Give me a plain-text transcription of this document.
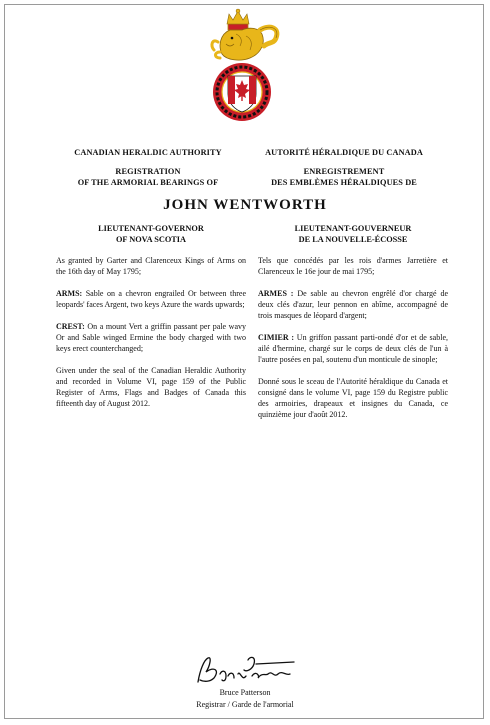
CANADIAN HERALDIC AUTHORITY
REGISTRATION
OF THE ARMORIAL BEARINGS OF
AUTORITÉ HÉRALDIQUE DU CANADA
ENREGISTREMENT
DES EMBLÈMES HÉRALDIQUES DE
JOHN WENTWORTH
LIEUTENANT-GOVERNOR
OF NOVA SCOTIA

As granted by Garter and Clarenceux Kings of Arms on the 16th day of May 1795;

ARMS: Sable on a chevron engrailed Or between three leopards' faces Argent, two keys Azure the wards upwards;

CREST: On a mount Vert a griffin passant per pale wavy Or and Sable winged Ermine the body charged with two keys erect counterchanged;

Given under the seal of the Canadian Heraldic Authority and recorded in Volume VI, page 159 of the Public Register of Arms, Flags and Badges of Canada this fifteenth day of August 2012.

LIEUTENANT-GOUVERNEUR
DE LA NOUVELLE-ÉCOSSE

Tels que concédés par les rois d'armes Jarretière et Clarenceux le 16e jour de mai 1795;

ARMES : De sable au chevron engrêlé d'or chargé de deux clés d'azur, leur pennon en abîme, accompagné de trois masques de léopard d'argent;

CIMIER : Un griffon passant parti-ondé d'or et de sable, ailé d'hermine, chargé sur le corps de deux clés de l'un à l'autre posées en pal, soutenu d'un monticule de sinople;

Donné sous le sceau de l'Autorité héraldique du Canada et consigné dans le volume VI, page 159 du Registre public des armoiries, drapeaux et insignes du Canada, ce quinzième jour d'août 2012.

Bruce Patterson
Registrar / Garde de l'armorial
